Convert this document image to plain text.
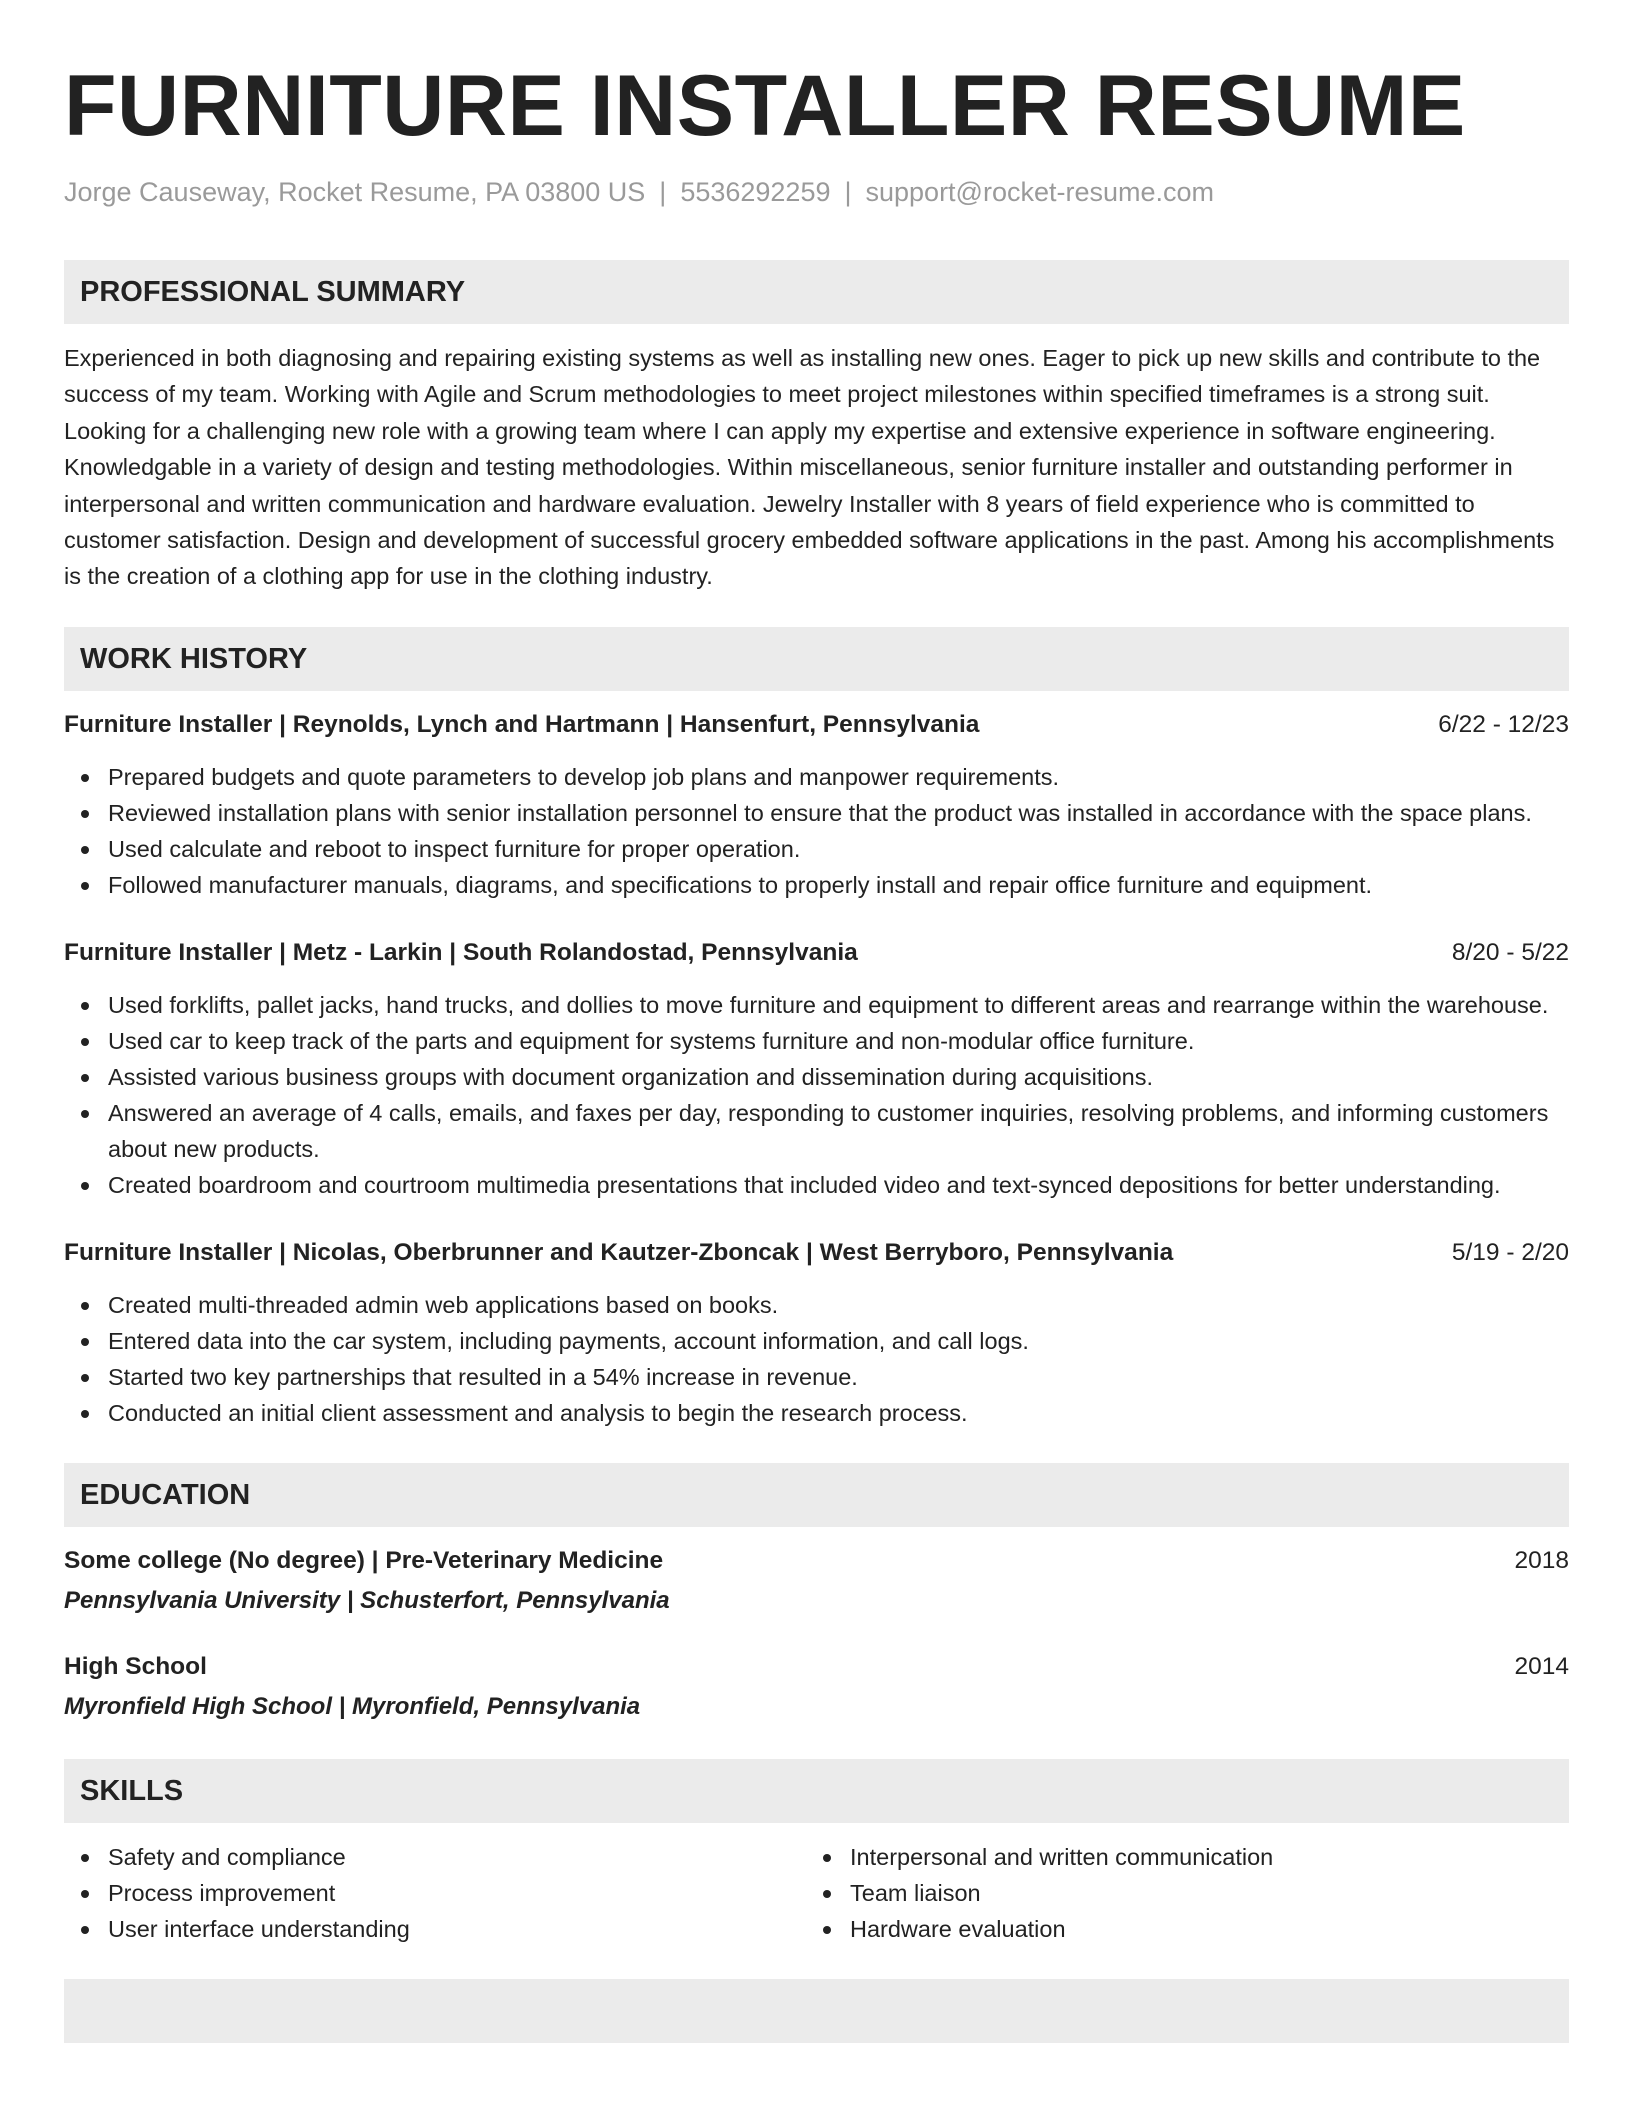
FURNITURE INSTALLER RESUME
Jorge Causeway, Rocket Resume, PA 03800 US | 5536292259 | support@rocket-resume.com
PROFESSIONAL SUMMARY

Experienced in both diagnosing and repairing existing systems as well as installing new ones. Eager to pick up new skills and contribute to the success of my team. Working with Agile and Scrum methodologies to meet project milestones within specified timeframes is a strong suit. Looking for a challenging new role with a growing team where I can apply my expertise and extensive experience in software engineering. Knowledgable in a variety of design and testing methodologies. Within miscellaneous, senior furniture installer and outstanding performer in interpersonal and written communication and hardware evaluation. Jewelry Installer with 8 years of field experience who is committed to customer satisfaction. Design and development of successful grocery embedded software applications in the past. Among his accomplishments is the creation of a clothing app for use in the clothing industry.

WORK HISTORY
Furniture Installer | Reynolds, Lynch and Hartmann | Hansenfurt, Pennsylvania	6/22 - 12/23
Prepared budgets and quote parameters to develop job plans and manpower requirements.
Reviewed installation plans with senior installation personnel to ensure that the product was installed in accordance with the space plans.
Used calculate and reboot to inspect furniture for proper operation.
Followed manufacturer manuals, diagrams, and specifications to properly install and repair office furniture and equipment.
Furniture Installer | Metz - Larkin | South Rolandostad, Pennsylvania	8/20 - 5/22
Used forklifts, pallet jacks, hand trucks, and dollies to move furniture and equipment to different areas and rearrange within the warehouse.
Used car to keep track of the parts and equipment for systems furniture and non-modular office furniture.
Assisted various business groups with document organization and dissemination during acquisitions.
Answered an average of 4 calls, emails, and faxes per day, responding to customer inquiries, resolving problems, and informing customers about new products.
Created boardroom and courtroom multimedia presentations that included video and text-synced depositions for better understanding.
Furniture Installer | Nicolas, Oberbrunner and Kautzer-Zboncak | West Berryboro, Pennsylvania	5/19 - 2/20
Created multi-threaded admin web applications based on books.
Entered data into the car system, including payments, account information, and call logs.
Started two key partnerships that resulted in a 54% increase in revenue.
Conducted an initial client assessment and analysis to begin the research process.
EDUCATION
Some college (No degree) | Pre-Veterinary Medicine	2018
Pennsylvania University | Schusterfort, Pennsylvania
High School	2014
Myronfield High School | Myronfield, Pennsylvania
SKILLS
Safety and compliance
Process improvement
User interface understanding
Interpersonal and written communication
Team liaison
Hardware evaluation
